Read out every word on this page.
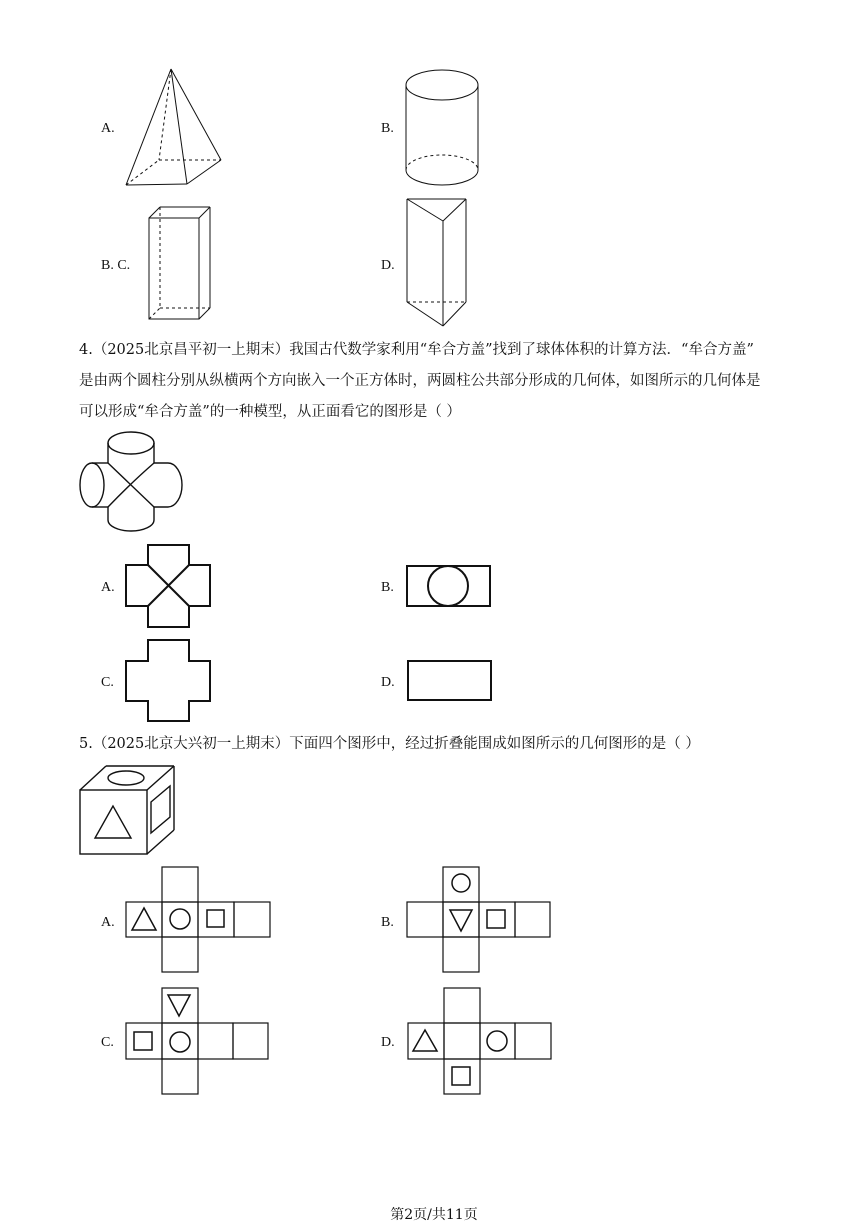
A.	B.
B. C.	D.
4.（2025北京昌平初一上期末）我国古代数学家利用“牟合方盖”找到了球体体积的计算方法．“牟合方盖”
是由两个圆柱分别从纵横两个方向嵌入一个正方体时，两圆柱公共部分形成的几何体，如图所示的几何体是
可以形成“牟合方盖”的一种模型，从正面看它的图形是（ ）
A.	B.
C.	D.
5.（2025北京大兴初一上期末）下面四个图形中，经过折叠能围成如图所示的几何图形的是（ ）
A.	B.
C.	D.
第2页/共11页
